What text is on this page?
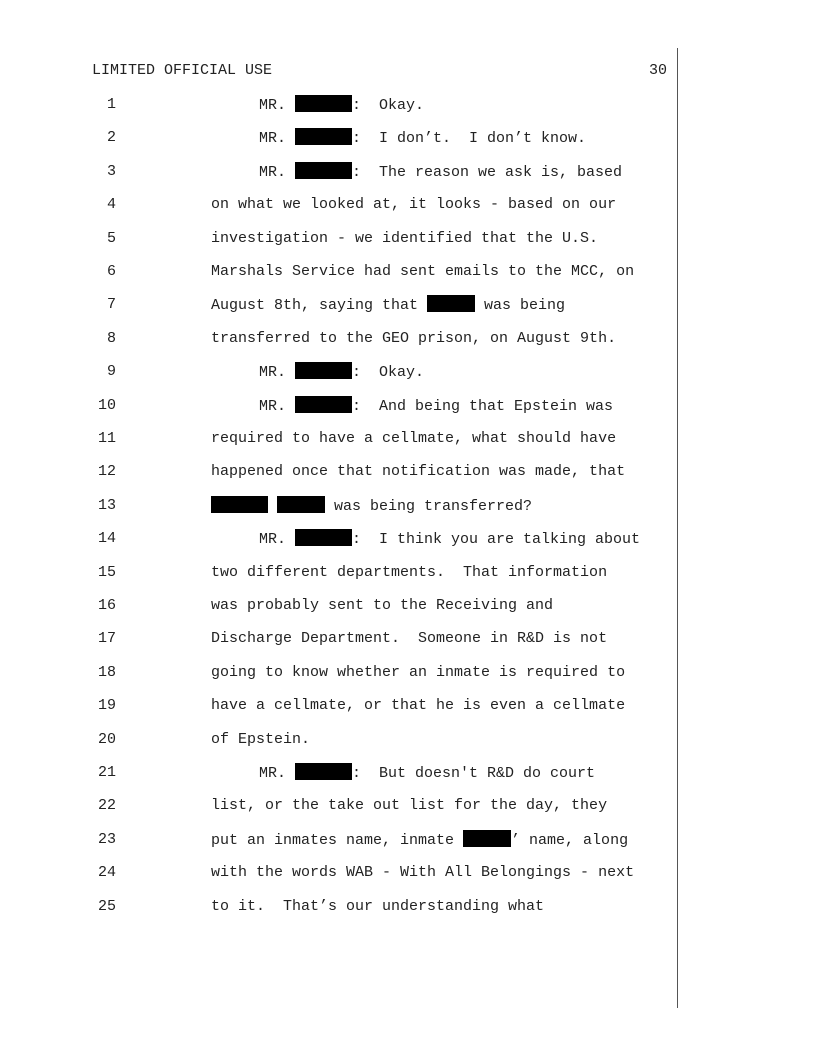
LIMITED OFFICIAL USE	30
1	MR.	:  Okay.
2	MR.	:  I don’t.  I don’t know.
3	MR.	:  The reason we ask is, based
4	on what we looked at, it looks - based on our
5	investigation - we identified that the U.S.
6	Marshals Service had sent emails to the MCC, on
7	August 8th, saying that	was being
8	transferred to the GEO prison, on August 9th.
9	MR.	:  Okay.
10	MR.	:  And being that Epstein was
11	required to have a cellmate, what should have
12	happened once that notification was made, that
13	was being transferred?
14	MR.	:  I think you are talking about
15	two different departments.  That information
16	was probably sent to the Receiving and
17	Discharge Department.  Someone in R&D is not
18	going to know whether an inmate is required to
19	have a cellmate, or that he is even a cellmate
20	of Epstein.
21	MR.	:  But doesn't R&D do court
22	list, or the take out list for the day, they
23	put an inmates name, inmate	’ name, along
24	with the words WAB - With All Belongings - next
25	to it.  That’s our understanding what
